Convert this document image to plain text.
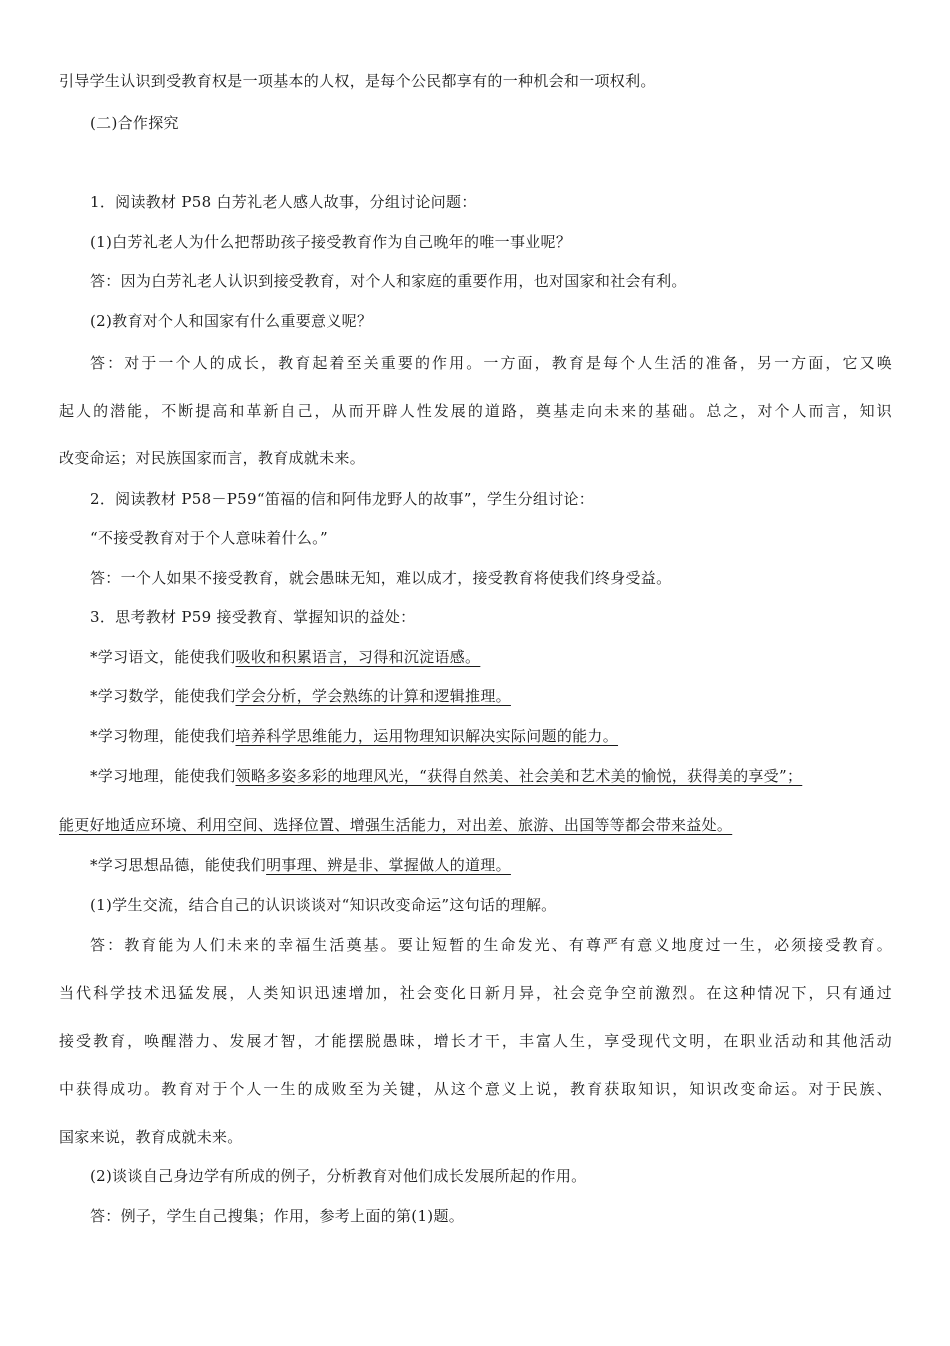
引导学生认识到受教育权是一项基本的人权，是每个公民都享有的一种机会和一项权利。
(二)合作探究
1．阅读教材 P58 白芳礼老人感人故事，分组讨论问题：
(1)白芳礼老人为什么把帮助孩子接受教育作为自己晚年的唯一事业呢？
答：因为白芳礼老人认识到接受教育，对个人和家庭的重要作用，也对国家和社会有利。
(2)教育对个人和国家有什么重要意义呢？
答：对于一个人的成长，教育起着至关重要的作用。一方面，教育是每个人生活的准备，另一方面，它又唤
起人的潜能，不断提高和革新自己，从而开辟人性发展的道路，奠基走向未来的基础。总之，对个人而言，知识
改变命运；对民族国家而言，教育成就未来。
2．阅读教材 P58－P59“笛福的信和阿伟龙野人的故事”，学生分组讨论：
“不接受教育对于个人意味着什么。”
答：一个人如果不接受教育，就会愚昧无知，难以成才，接受教育将使我们终身受益。
3．思考教材 P59 接受教育、掌握知识的益处：
*学习语文，能使我们吸收和积累语言，习得和沉淀语感。
*学习数学，能使我们学会分析，学会熟练的计算和逻辑推理。
*学习物理，能使我们培养科学思维能力，运用物理知识解决实际问题的能力。
*学习地理，能使我们领略多姿多彩的地理风光，“获得自然美、社会美和艺术美的愉悦，获得美的享受”；
能更好地适应环境、利用空间、选择位置、增强生活能力，对出差、旅游、出国等等都会带来益处。
*学习思想品德，能使我们明事理、辨是非、掌握做人的道理。
(1)学生交流，结合自己的认识谈谈对“知识改变命运”这句话的理解。
答：教育能为人们未来的幸福生活奠基。要让短暂的生命发光、有尊严有意义地度过一生，必须接受教育。
当代科学技术迅猛发展，人类知识迅速增加，社会变化日新月异，社会竞争空前激烈。在这种情况下，只有通过
接受教育，唤醒潜力、发展才智，才能摆脱愚昧，增长才干，丰富人生，享受现代文明，在职业活动和其他活动
中获得成功。教育对于个人一生的成败至为关键，从这个意义上说，教育获取知识，知识改变命运。对于民族、
国家来说，教育成就未来。
(2)谈谈自己身边学有所成的例子，分析教育对他们成长发展所起的作用。
答：例子，学生自己搜集；作用，参考上面的第(1)题。
